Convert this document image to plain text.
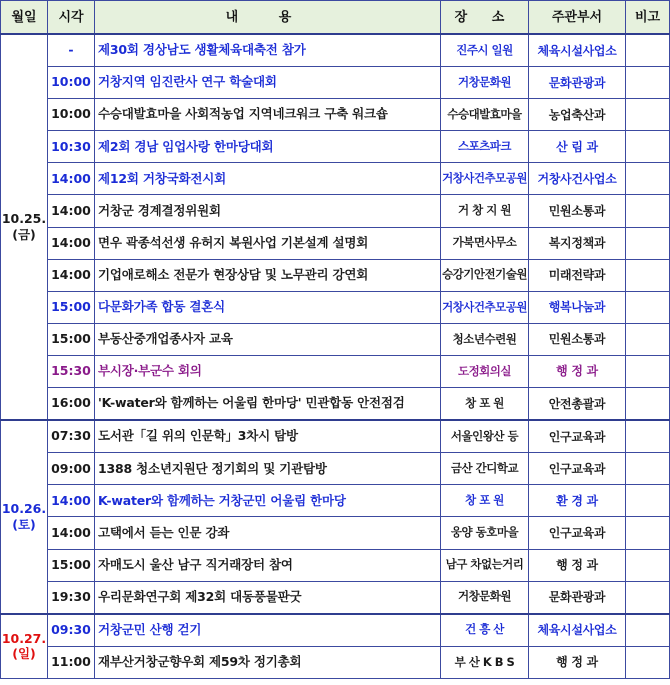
월일	시각	내 용	장 소	주관부서	비고

10.25.
(금)	-	제30회 경상남도 생활체육대축전 참가	진주시 일원	체육시설사업소	
	10:00	거창지역 임진란사 연구 학술대회	거창문화원	문화관광과	
	10:00	수승대발효마을 사회적농업 지역네크워크 구축 워크숍	수승대발효마을	농업축산과	
	10:30	제2회 경남 임업사랑 한마당대회	스포츠파크	산 림 과	
	14:00	제12회 거창국화전시회	거창사건추모공원	거창사건사업소	
	14:00	거창군 경계결정위원회	거 창 지 원	민원소통과	
	14:00	면우 곽종석선생 유허지 복원사업 기본설계 설명회	가북면사무소	복지정책과	
	14:00	기업애로해소 전문가 현장상담 및 노무관리 강연회	승강기안전기술원	미래전략과	
	15:00	다문화가족 합동 결혼식	거창사건추모공원	행복나눔과	
	15:00	부동산중개업종사자 교육	청소년수련원	민원소통과	
	15:30	부시장·부군수 회의	도정회의실	행 정 과	
	16:00	'K-water와 함께하는 어울림 한마당' 민관합동 안전점검	창 포 원	안전총괄과	

10.26.
(토)	07:30	도서관「길 위의 인문학」3차시 탐방	서울인왕산 등	인구교육과	
	09:00	1388 청소년지원단 정기회의 및 기관탐방	금산 간디학교	인구교육과	
	14:00	K-water와 함께하는 거창군민 어울림 한마당	창 포 원	환 경 과	
	14:00	고택에서 듣는 인문 강좌	웅양 동호마을	인구교육과	
	15:00	자매도시 울산 남구 직거래장터 참여	남구 차없는거리	행 정 과	
	19:30	우리문화연구회 제32회 대동풍물판굿	거창문화원	문화관광과	

10.27.
(일)	09:30	거창군민 산행 걷기	건 흥 산	체육시설사업소	
	11:00	재부산거창군향우회 제59차 정기총회	부 산 K B S	행 정 과	
